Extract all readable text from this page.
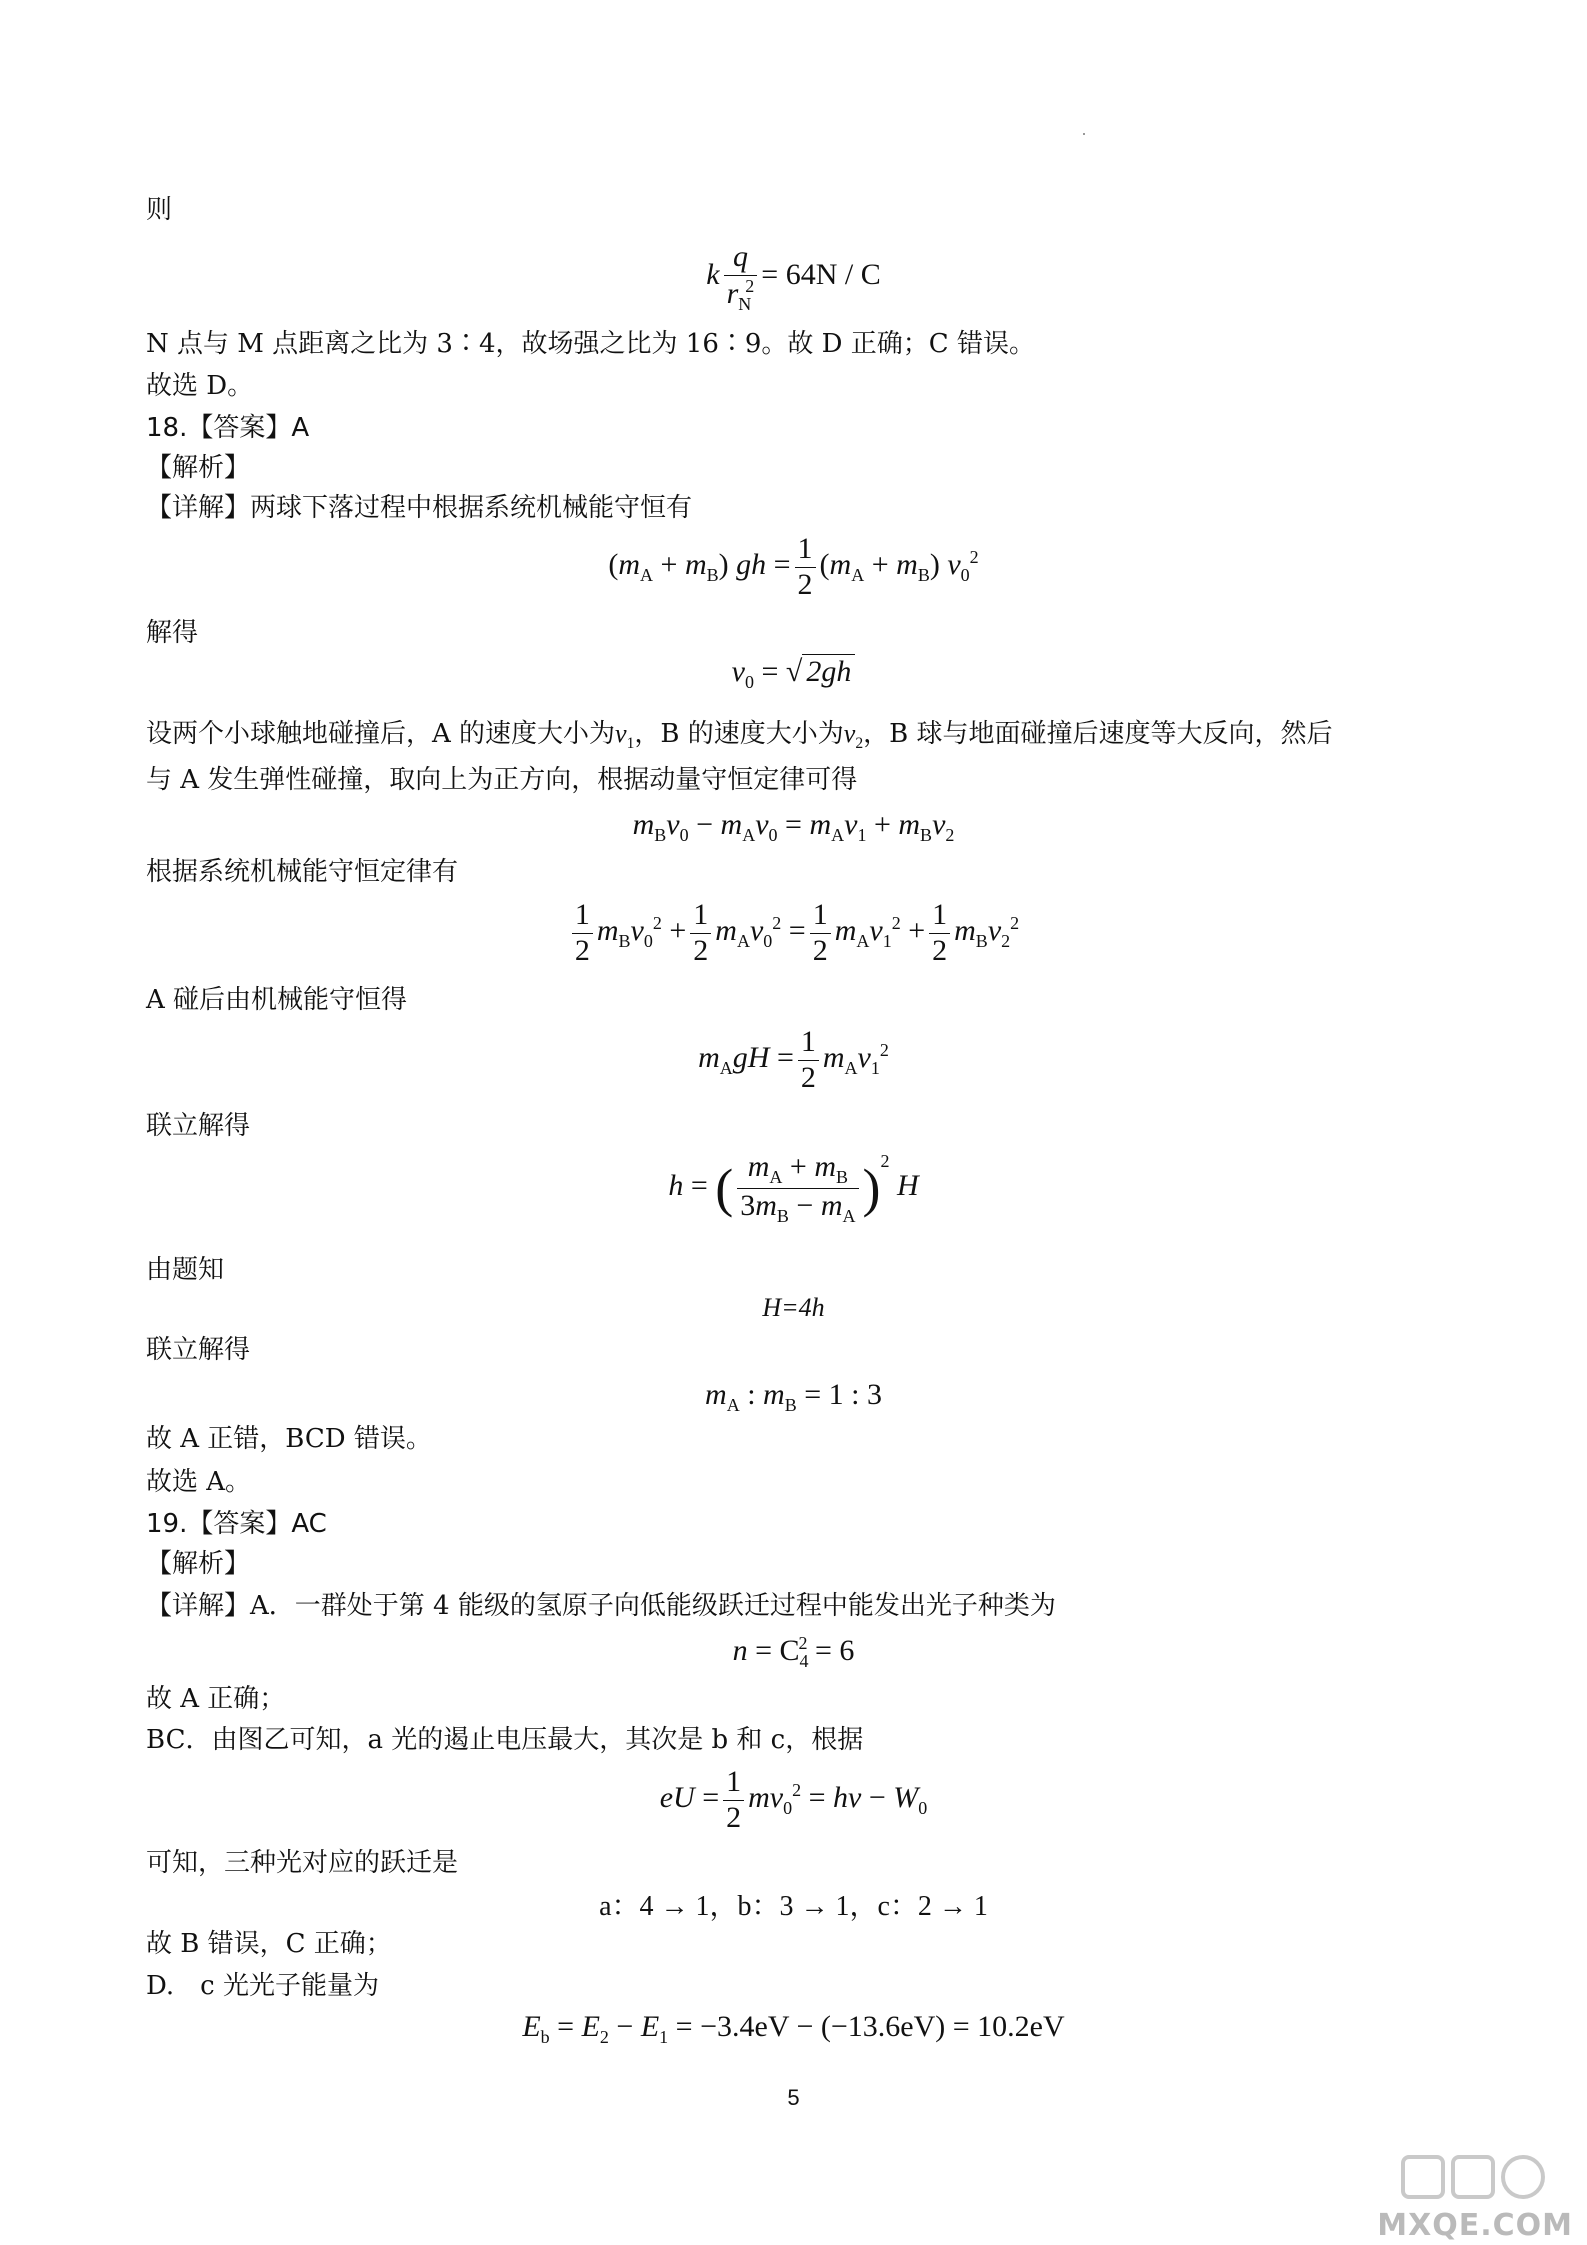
则
k $\frac{q}{r_N^2} = 64N / C$
N 点与 M 点距离之比为 3∶4，故场强之比为 16∶9。故 D 正确；C 错误。
故选 D。
18.【答案】A
【解析】
【详解】两球下落过程中根据系统机械能守恒有
$(m_A + m_B)$ gh = $\frac{1}{2} (m_A + m_B)$ $v_0^2$
解得
$v_0$ = √ 2gh
设两个小球触地碰撞后，A 的速度大小为$v_1$，B 的速度大小为$v_2$，B 球与地面碰撞后速度等大反向，然后
与 A 发生弹性碰撞，取向上为正方向，根据动量守恒定律可得
$m_Bv_0 - m_Av_0 = m_Av_1 + m_Bv_2$
根据系统机械能守恒定律有
$\frac{1}{2} m_Bv_0^2 + \frac{1}{2} m_Av_0^2 = \frac{1}{2} m_Av_1^2 + \frac{1}{2} m_Bv_2^2$
A 碰后由机械能守恒得
$m_AgH = \frac{1}{2} m_Av_1^2$
联立解得
h = ( $\frac{m_A + m_B}{3m_B - m_A} )^2$ H
由题知
H=4h
联立解得
$m_A$ : $m_B = 1$ : 3
故 A 正错，BCD 错误。
故选 A。
19.【答案】AC
【解析】
【详解】A．一群处于第 4 能级的氢原子向低能级跃迁过程中能发出光子种类为
$n = C_4^2 = 6$
故 A 正确；
BC．由图乙可知，a 光的遏止电压最大，其次是 b 和 c，根据
eU = $\frac{1}{2} mv_0^2 = h\nu - W_0$
可知，三种光对应的跃迁是
a：4 → 1，b：3 → 1，c：2 → 1
故 B 错误，C 正确；
D.　c 光光子能量为
$E_b = E_2 - E_1 = -3.4eV - (-13.6eV) = 10.2eV$
5
MXQE.COM
